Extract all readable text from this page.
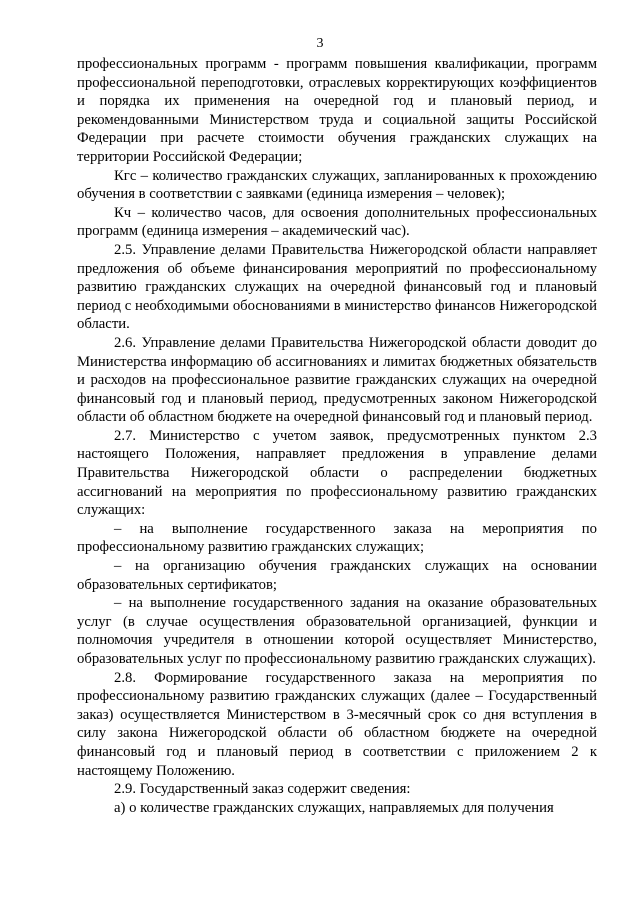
3

профессиональных программ - программ повышения квалификации, программ профессиональной переподготовки, отраслевых корректирующих коэффициентов и порядка их применения на очередной год и плановый период, и рекомендованными Министерством труда и социальной защиты Российской Федерации при расчете стоимости обучения гражданских служащих на территории Российской Федерации;

Кгс – количество гражданских служащих, запланированных к прохождению обучения в соответствии с заявками (единица измерения – человек);

Кч – количество часов, для освоения дополнительных профессиональных программ (единица измерения – академический час).

2.5. Управление делами Правительства Нижегородской области направляет предложения об объеме финансирования мероприятий по профессиональному развитию гражданских служащих на очередной финансовый год и плановый период с необходимыми обоснованиями в министерство финансов Нижегородской области.

2.6. Управление делами Правительства Нижегородской области доводит до Министерства информацию об ассигнованиях и лимитах бюджетных обязательств и расходов на профессиональное развитие гражданских служащих на очередной финансовый год и плановый период, предусмотренных законом Нижегородской области об областном бюджете на очередной финансовый год и плановый период.

2.7. Министерство с учетом заявок, предусмотренных пунктом 2.3 настоящего Положения, направляет предложения в управление делами Правительства Нижегородской области о распределении бюджетных ассигнований на мероприятия по профессиональному развитию гражданских служащих:

– на выполнение государственного заказа на мероприятия по профессиональному развитию гражданских служащих;

– на организацию обучения гражданских служащих на основании образовательных сертификатов;

– на выполнение государственного задания на оказание образовательных услуг (в случае осуществления образовательной организацией, функции и полномочия учредителя в отношении которой осуществляет Министерство, образовательных услуг по профессиональному развитию гражданских служащих).

2.8. Формирование государственного заказа на мероприятия по профессиональному развитию гражданских служащих (далее – Государственный заказ) осуществляется Министерством в 3-месячный срок со дня вступления в силу закона Нижегородской области об областном бюджете на очередной финансовый год и плановый период в соответствии с приложением 2 к настоящему Положению.

2.9. Государственный заказ содержит сведения:

а) о количестве гражданских служащих, направляемых для получения
